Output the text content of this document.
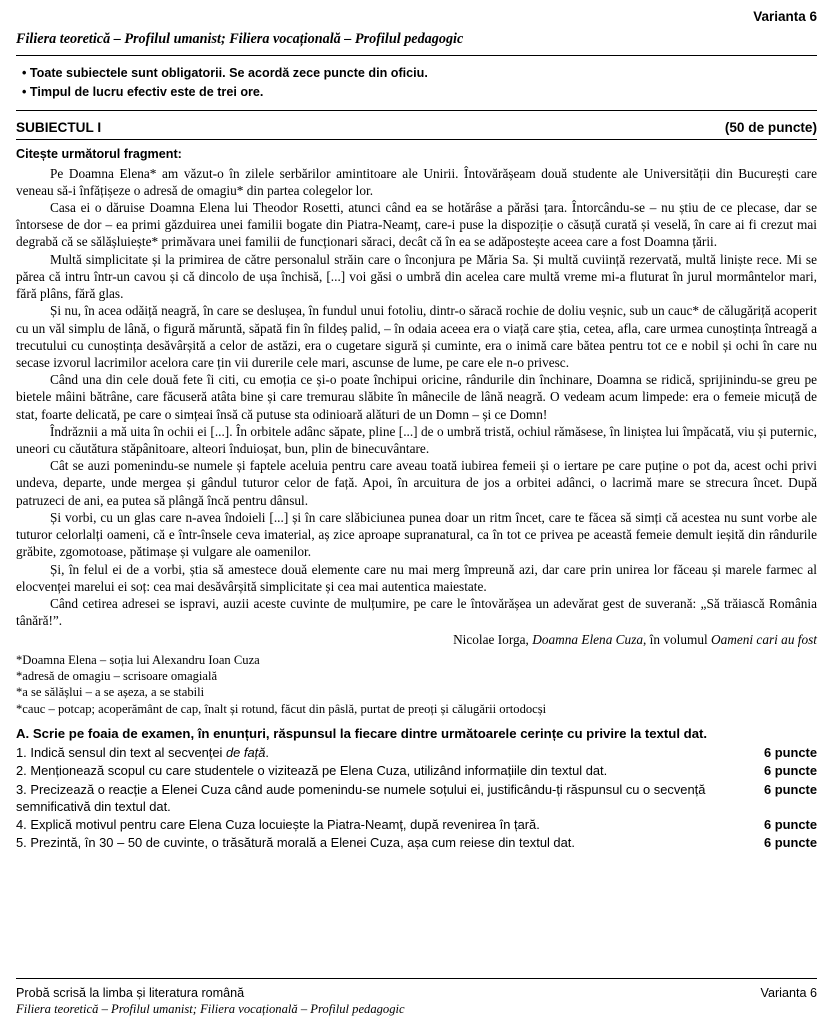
Varianta 6
Filiera teoretică – Profilul umanist; Filiera vocațională – Profilul pedagogic
• Toate subiectele sunt obligatorii. Se acordă zece puncte din oficiu.
• Timpul de lucru efectiv este de trei ore.
SUBIECTUL I	(50 de puncte)
Citește următorul fragment:

Pe Doamna Elena* am văzut-o în zilele serbărilor amintitoare ale Unirii. Întovărășeam două studente ale Universității din București care veneau să-i înfățișeze o adresă de omagiu* din partea colegelor lor.

Casa ei o dăruise Doamna Elena lui Theodor Rosetti, atunci când ea se hotărâse a părăsi țara. Întorcându-se – nu știu de ce plecase, dar se întorsese de dor – ea primi găzduirea unei familii bogate din Piatra-Neamț, care-i puse la dispoziție o căsuță curată și veselă, în care ai fi crezut mai degrabă că se sălășluiește* primăvara unei familii de funcționari săraci, decât că în ea se adăpostește aceea care a fost Doamna țării.

Multă simplicitate și la primirea de către personalul străin care o înconjura pe Măria Sa. Și multă cuviință rezervată, multă liniște rece. Mi se părea că intru într-un cavou și că dincolo de ușa închisă, [...] voi găsi o umbră din acelea care multă vreme mi-a fluturat în jurul mormântelor mari, fără plâns, fără glas.

Și nu, în acea odăiță neagră, în care se deslușea, în fundul unui fotoliu, dintr-o săracă rochie de doliu veșnic, sub un cauc* de călugăriță acoperit cu un văl simplu de lână, o figură măruntă, săpată fin în fildeș palid, – în odaia aceea era o viață care știa, cetea, afla, care urmea cunoștința întreagă a trecutului cu cunoștința desăvârșită a celor de astăzi, era o cugetare sigură și cuminte, era o inimă care bătea pentru tot ce e nobil și ochi în care nu secase izvorul lacrimilor acelora care țin vii durerile cele mari, ascunse de lume, pe care ele n-o privesc.

Când una din cele două fete îi citi, cu emoția ce și-o poate închipui oricine, rândurile din închinare, Doamna se ridică, sprijinindu-se greu pe bietele mâini bătrâne, care făcuseră atâta bine și care tremurau slăbite în mânecile de lână neagră. O vedeam acum limpede: era o femeie micuță de stat, foarte delicată, pe care o simțeai însă că putuse sta odinioară alături de un Domn – și ce Domn!

Îndrăznii a mă uita în ochii ei [...]. În orbitele adânc săpate, pline [...] de o umbră tristă, ochiul rămăsese, în liniștea lui împăcată, viu și puternic, uneori cu căutătura stăpânitoare, alteori înduioșat, bun, plin de binecuvântare.

Cât se auzi pomenindu-se numele și faptele aceluia pentru care aveau toată iubirea femeii și o iertare pe care puține o pot da, acest ochi privi undeva, departe, unde mergea și gândul tuturor celor de față. Apoi, în arcuitura de jos a orbitei adânci, o lacrimă mare se strecura încet. După patruzeci de ani, ea putea să plângă încă pentru dânsul.

Și vorbi, cu un glas care n-avea îndoieli [...] și în care slăbiciunea punea doar un ritm încet, care te făcea să simți că acestea nu sunt vorbe ale tuturor celorlalți oameni, că e într-însele ceva imaterial, aș zice aproape supranatural, ca în tot ce privea pe această femeie demult ieșită din rândurile grăbite, zgomotoase, pătimașe și vulgare ale oamenilor.

Și, în felul ei de a vorbi, știa să amestece două elemente care nu mai merg împreună azi, dar care prin unirea lor făceau și marele farmec al elocvenței marelui ei soț: cea mai desăvârșită simplicitate și cea mai autentica maiestate.

Când cetirea adresei se ispravi, auzii aceste cuvinte de mulțumire, pe care le întovărășea un adevărat gest de suverană: „Să trăiască România tânără!”.

Nicolae Iorga, Doamna Elena Cuza, în volumul Oameni cari au fost
*Doamna Elena – soția lui Alexandru Ioan Cuza
*adresă de omagiu – scrisoare omagială
*a se sălășlui – a se așeza, a se stabili
*cauc – potcap; acoperământ de cap, înalt și rotund, făcut din pâslă, purtat de preoți și călugării ortodocși
A. Scrie pe foaia de examen, în enunțuri, răspunsul la fiecare dintre următoarele cerințe cu privire la textul dat.
6 puncte
1. Indică sensul din text al secvenței de față.
6 puncte
2. Menționează scopul cu care studentele o vizitează pe Elena Cuza, utilizând informațiile din textul dat.
6 puncte
3. Precizează o reacție a Elenei Cuza când aude pomenindu-se numele soțului ei, justificându-ți răspunsul cu o secvență semnificativă din textul dat.
6 puncte
4. Explică motivul pentru care Elena Cuza locuiește la Piatra-Neamț, după revenirea în țară.
6 puncte
5. Prezintă, în 30 – 50 de cuvinte, o trăsătură morală a Elenei Cuza, așa cum reiese din textul dat.
Probă scrisă la limba și literatura română	Varianta 6
Filiera teoretică – Profilul umanist; Filiera vocațională – Profilul pedagogic
